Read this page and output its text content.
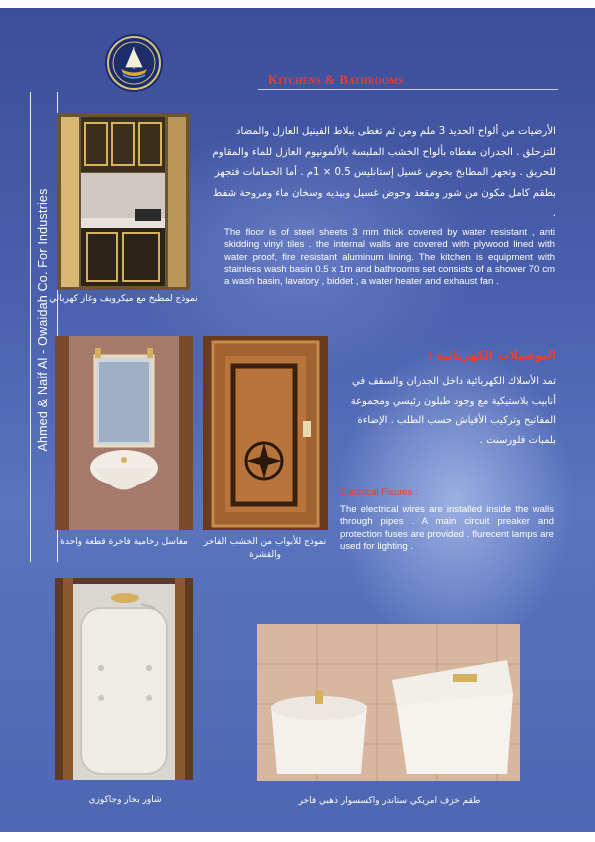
Ahmed & Naif Al - Owaidah Co. For Industries
Kitchens & Bathrooms
نموذج لمطبخ مع ميكرويف وغاز كهربائي
الأرضيات من ألواح الحديد 3 ملم ومن ثم تغطى ببلاط الفينيل العازل والمضاد للتزحلق . الجدران مغطاه بألواح الخشب الملبسة بالألمونيوم العازل للماء والمقاوم للحريق . وتجهز المطابخ بحوض غسيل إستانليس 0.5 × 1م . أما الحمامات فتجهز بطقم كامل مكون من شور ومقعد وحوض غسيل وبيديه وسخان ماء ومروحة شفط .
The floor is of steel sheets 3 mm thick covered by water resistant , anti skidding vinyl tiles . the internal walls are covered with plywood lined with water proof, fire resistant aluminum lining. The kitchen is equipment with stainless wash basin 0.5 x 1m and bathrooms set consists of a shower 70 cm a wash basin, lavatory , biddet , a water heater and exhaust fan .
مغاسل رخامية فاخرة قطعة واحدة	نموذج للأبواب من الخشب الفاخر والقشرة
التوصيلات الكهربائية :
تمد الأسلاك الكهربائية داخل الجدران والسقف في أنابيب بلاستيكية مع وجود طبلون رئيسي ومجموعة المفاتيح وتركيب الأفياش حسب الطلب . الإضاءة بلمبات فلورسنت .
Electrical Fixures :
The electrical wires are installed inside the walls through pipes . A main circuit preaker and protection fuses are provided . flurecent lamps are used for lighting .
شاور بخار وجاكوزي	طقم خزف امريكي ستاندر واكسسوار ذهبي فاخر
